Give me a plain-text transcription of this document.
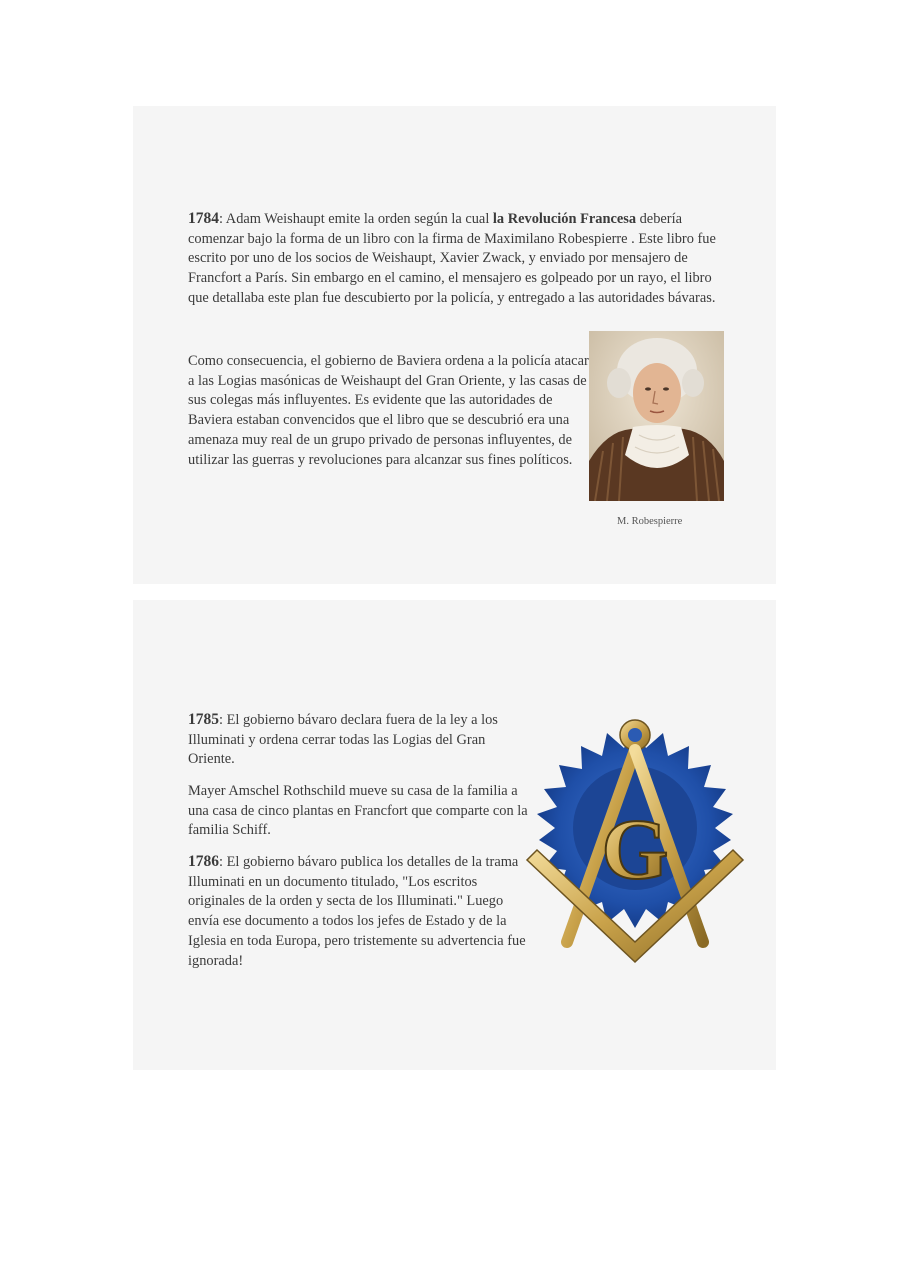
1784: Adam Weishaupt emite la orden según la cual la Revolución Francesa debería comenzar bajo la forma de un libro con la firma de Maximilano Robespierre . Este libro fue escrito por uno de los socios de Weishaupt, Xavier Zwack, y enviado por mensajero de Francfort a París. Sin embargo en el camino, el mensajero es golpeado por un rayo, el libro que detallaba este plan fue descubierto por la policía, y entregado a las autoridades bávaras.

Como consecuencia, el gobierno de Baviera ordena a la policía atacar a las Logias masónicas de Weishaupt del Gran Oriente, y las casas de sus colegas más influyentes. Es evidente que las autoridades de Baviera estaban convencidos que el libro que se descubrió era una amenaza muy real de un grupo privado de personas influyentes, de utilizar las guerras y revoluciones para alcanzar sus fines políticos.

M. Robespierre

1785: El gobierno bávaro declara fuera de la ley a los Illuminati y ordena cerrar todas las Logias del Gran Oriente.

Mayer Amschel Rothschild mueve su casa de la familia a una casa de cinco plantas en Francfort que comparte con la familia Schiff.

1786: El gobierno bávaro publica los detalles de la trama Illuminati en un documento titulado, "Los escritos originales de la orden y secta de los Illuminati." Luego envía ese documento a todos los jefes de Estado y de la Iglesia en toda Europa, pero tristemente su advertencia fue ignorada!

G
